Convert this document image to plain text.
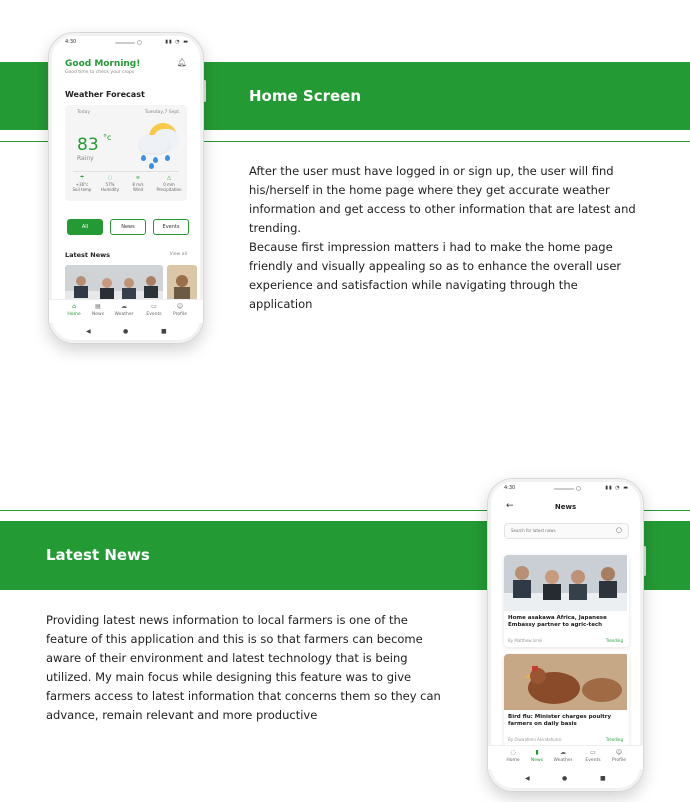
Home Screen
After the user must have logged in or sign up, the user will find his/herself in the home page where they get accurate weather information and get access to other information that are latest and trending.
Because first impression matters i had to make the home page friendly and visually appealing so as to enhance the overall user experience and satisfaction while navigating through the application
4:30	▮▮ ◔ ▬
Good Morning!
Good time to check your crops
🔔︎
Weather Forecast
Today	Tuesday,7 Sept
83 °c
Rainy
☂
+36°c
Soil temp
◌
57%
Humidity
≋
8 m/s
Wind
△
0 mm
Precipitation
All	News	Events
Latest News	View all
⌂
Home
▤
News
☁
Weather
▭
Events
☺
Profile
◀	●	■
Latest News
Providing latest news information to local farmers is one of the feature of this application and this is so that farmers can become aware of their environment and latest technology that is being utilized. My main focus while designing this feature was to give farmers access to latest information that concerns them so they can advance, remain relevant and more productive
4:30	▮▮ ◔ ▬
←	News
Search for latest news
○
Home asakawa Africa, Japanese Embassy partner to agric-tech
By Matthew Ismii	Trending
Bird flu: Minister charges poultry farmers on daily basis
By Oluwafemi Akindahunsi	Trending
◌
Home
▮
News
☁
Weather
▭
Events
☺
Profile
◀	●	■
